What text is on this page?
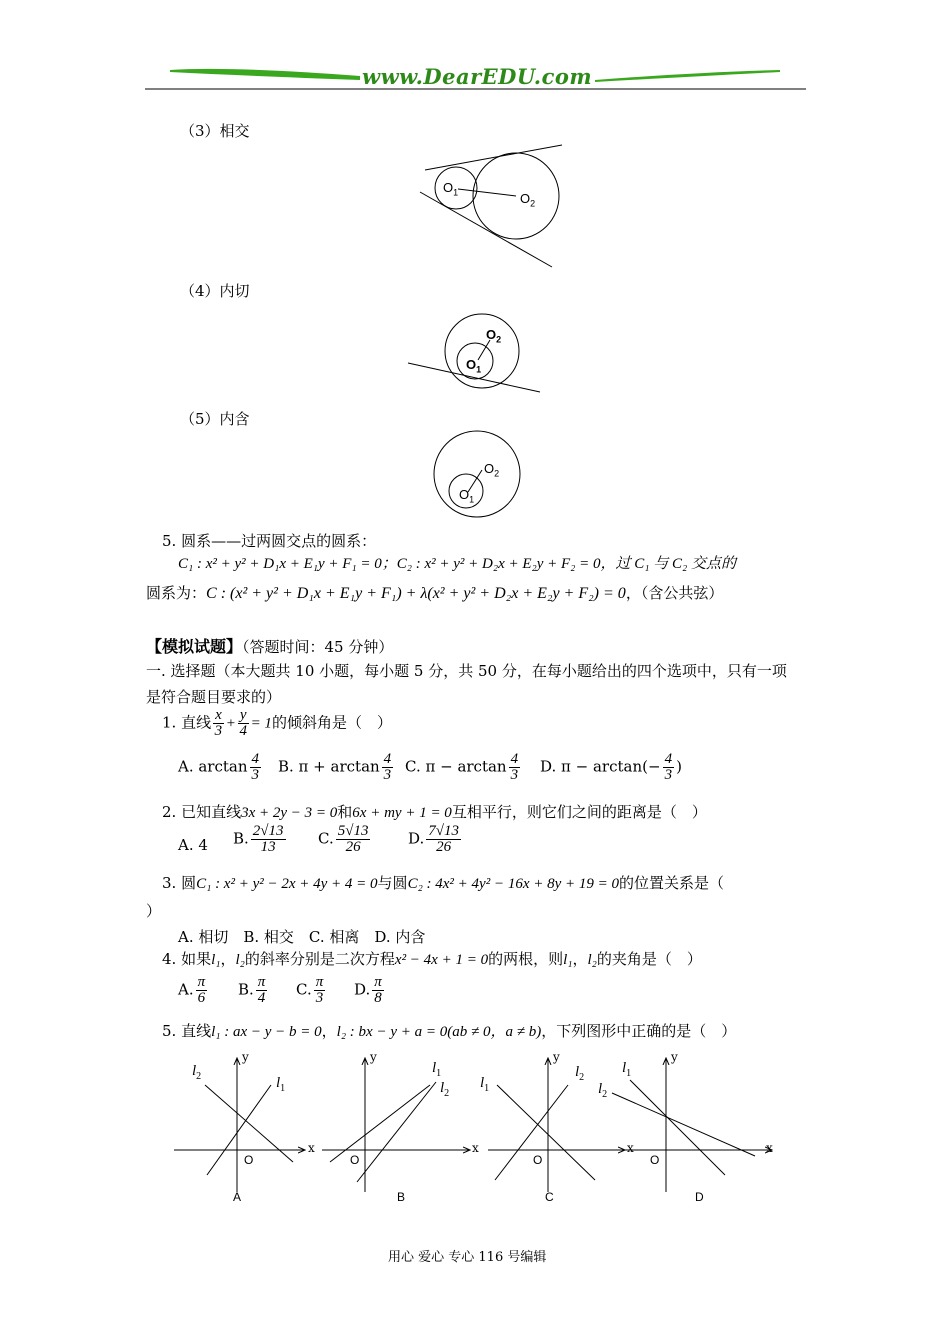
www.DearEDU.com
（3）相交
$O_1$	$O_2$
（4）内切
$O_2$
$O_1$
（5）内含
$O_2$
$O_1$
5. 圆系——过两圆交点的圆系：
C₁ : x² + y² + D₁x + E₁y + F₁ = 0；C₂ : x² + y² + D₂x + E₂y + F₂ = 0，过 C₁ 与 C₂ 交点的
圆系为：C : (x² + y² + D₁x + E₁y + F₁) + λ(x² + y² + D₂x + E₂y + F₂) = 0，（含公共弦）
【模拟试题】（答题时间：45 分钟）
一. 选择题（本大题共 10 小题，每小题 5 分，共 50 分，在每小题给出的四个选项中，只有一项
是符合题目要求的）
1. 直线 $\frac{x}{3} + \frac{y}{4} = 1$的倾斜角是（　）
A. $\arctan \frac{4}{3} B$. $\pi + \arctan \frac{4}{3} C$. $\pi - \arctan \frac{4}{3} D$. $\pi - \arctan(- \frac{4}{3}$ )
2. 已知直线3x + 2y − 3 = 0和6x + my + 1 = 0互相平行，则它们之间的距离是（　）
A. 4 B. $\frac{2√13}{13} C$. $\frac{5√13}{26}$	D. $\frac{7√13}{26}$
3. 圆C₁ : x² + y² − 2x + 4y + 4 = 0与圆C₂ : 4x² + 4y² − 16x + 8y + 19 = 0的位置关系是（
）
A. 相切　B. 相交　C. 相离　D. 内含
4. 如果l₁，l₂的斜率分别是二次方程x² − 4x + 1 = 0的两根，则l₁，l₂的夹角是（　）
A. $\frac{\pi}{6} B$. $\frac{\pi}{4} C$. $\frac{\pi}{3} D$. $\frac{\pi}{8}$
5. 直线l₁ : ax − y − b = 0，l₂ : bx − y + a = 0(ab ≠ 0，a ≠ b)，下列图形中正确的是（　）
$l_2$	$l_1$
y
x
O
A
$l_1$
$l_2$
y
x
O
B
$l_1$
$l_2$
y
x
O
C
$l_1$
$l_2$
y
x
O
D
用心 爱心 专心 116 号编辑
